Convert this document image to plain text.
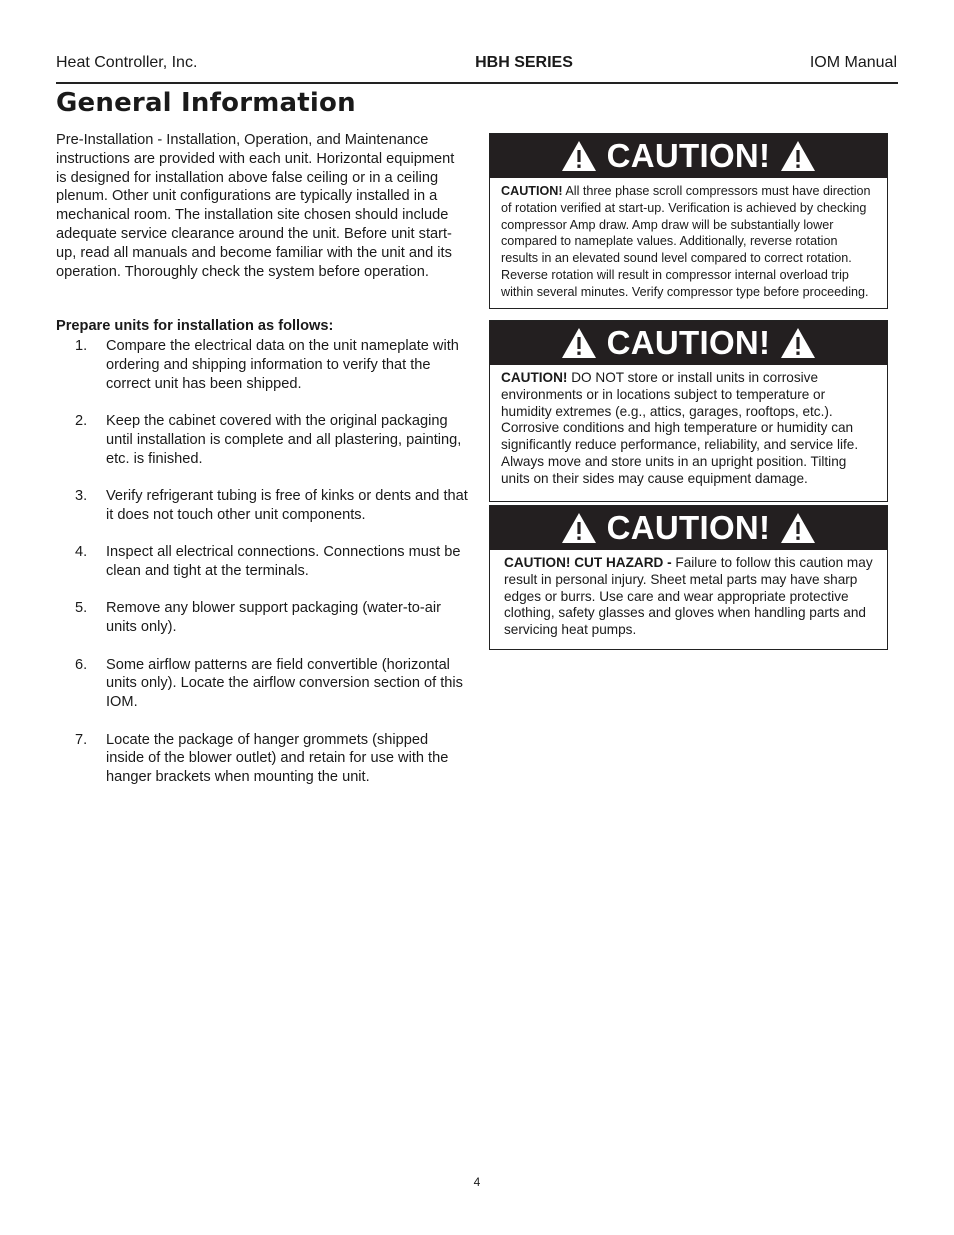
Heat Controller, Inc.	HBH SERIES	IOM Manual
General Information

Pre-Installation - Installation, Operation, and Maintenance instructions are provided with each unit. Horizontal equipment is designed for installation above false ceiling or in a ceiling plenum. Other unit configurations are typically installed in a mechanical room. The installation site chosen should include adequate service clearance around the unit. Before unit start-up, read all manuals and become familiar with the unit and its operation. Thoroughly check the system before operation.

Prepare units for installation as follows:

1.	Compare the electrical data on the unit nameplate with ordering and shipping information to verify that the correct unit has been shipped.
2.	Keep the cabinet covered with the original packaging until installation is complete and all plastering, painting, etc. is finished.
3.	Verify refrigerant tubing is free of kinks or dents and that it does not touch other unit components.
4.	Inspect all electrical connections. Connections must be clean and tight at the terminals.
5.	Remove any blower support packaging (water-to-air units only).
6.	Some airflow patterns are field convertible (horizontal units only). Locate the airflow conversion section of this IOM.
7.	Locate the package of hanger grommets (shipped inside of the blower outlet) and retain for use with the hanger brackets when mounting the unit.
CAUTION!
CAUTION! All three phase scroll compressors must have direction of rotation verified at start-up. Verification is achieved by checking compressor Amp draw. Amp draw will be substantially lower compared to nameplate values. Additionally, reverse rotation results in an elevated sound level compared to correct rotation. Reverse rotation will result in compressor internal overload trip within several minutes. Verify compressor type before proceeding.
CAUTION!
CAUTION! DO NOT store or install units in corrosive environments or in locations subject to temperature or humidity extremes (e.g., attics, garages, rooftops, etc.). Corrosive conditions and high temperature or humidity can significantly reduce performance, reliability, and service life. Always move and store units in an upright position. Tilting units on their sides may cause equipment damage.
CAUTION!
CAUTION! CUT HAZARD - Failure to follow this caution may result in personal injury. Sheet metal parts may have sharp edges or burrs. Use care and wear appropriate protective clothing, safety glasses and gloves when handling parts and servicing heat pumps.
4
